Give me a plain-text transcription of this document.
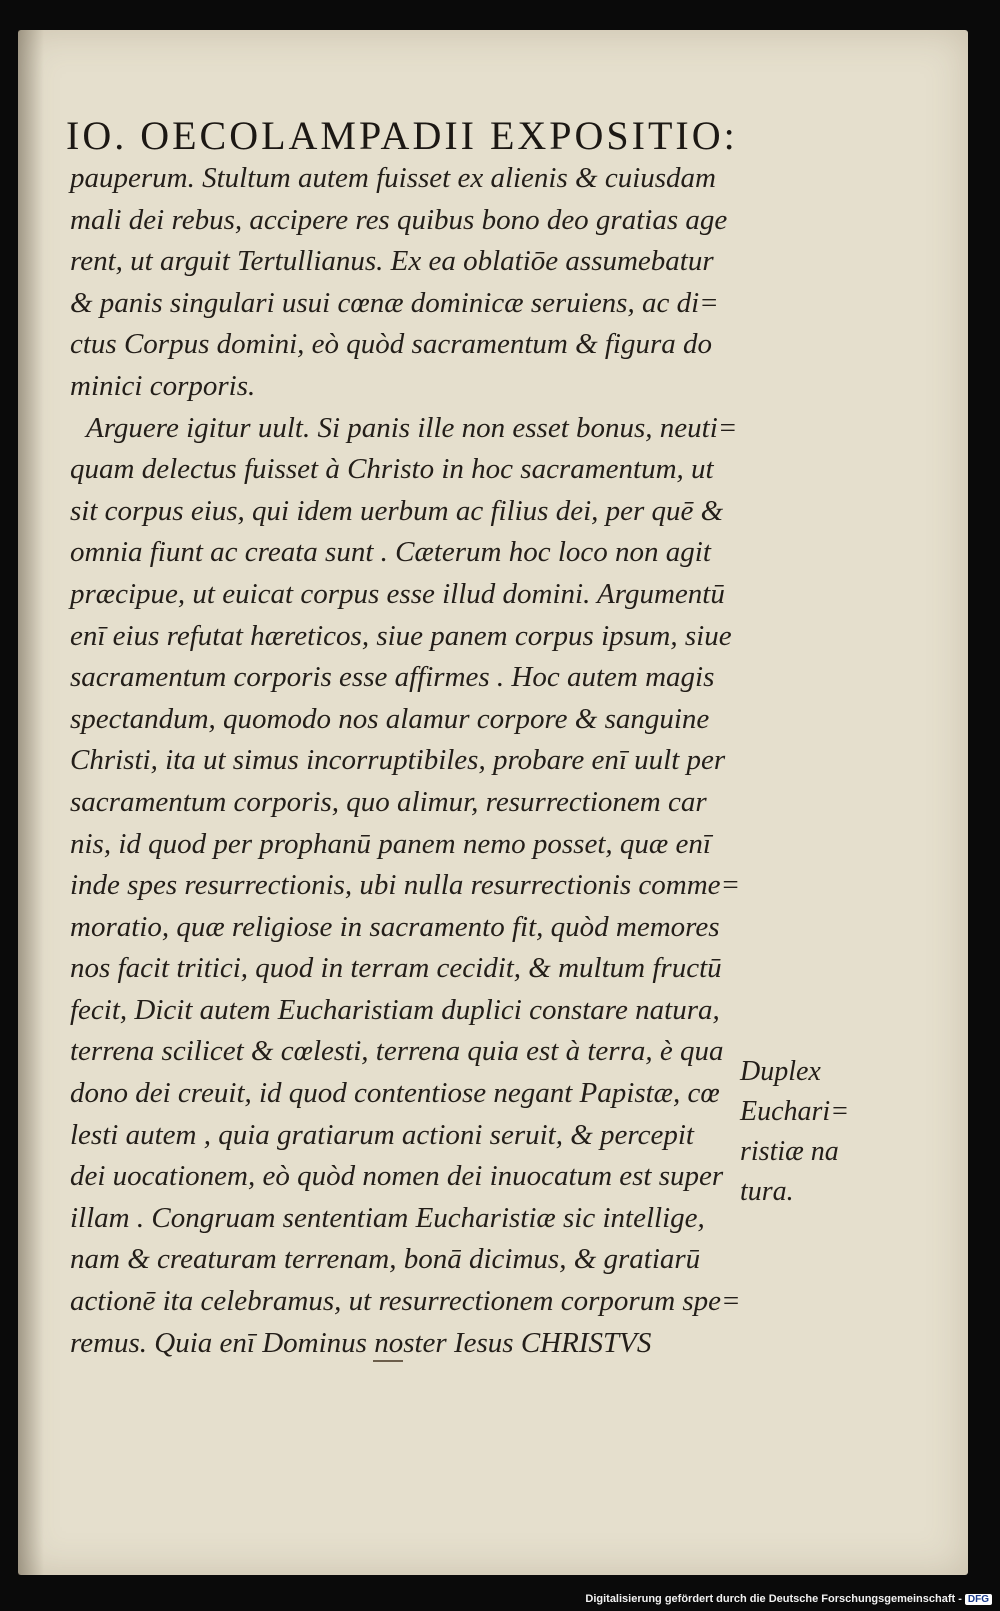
IO. OECOLAMPADII EXPOSITIO:
pauperum. Stultum autem fuisset ex alienis & cuiusdam
mali dei rebus, accipere res quibus bono deo gratias age
rent, ut arguit Tertullianus. Ex ea oblatiōe assumebatur
& panis singulari usui cœnæ dominicæ seruiens, ac di=
ctus Corpus domini, eò quòd sacramentum & figura do
minici corporis.
Arguere igitur uult. Si panis ille non esset bonus, neuti=
quam delectus fuisset à Christo in hoc sacramentum, ut
sit corpus eius, qui idem uerbum ac filius dei, per quē &
omnia fiunt ac creata sunt . Cæterum hoc loco non agit
præcipue, ut euicat corpus esse illud domini. Argumentū
enī eius refutat hæreticos, siue panem corpus ipsum, siue
sacramentum corporis esse affirmes . Hoc autem magis
spectandum, quomodo nos alamur corpore & sanguine
Christi, ita ut simus incorruptibiles, probare enī uult per
sacramentum corporis, quo alimur, resurrectionem car
nis, id quod per prophanū panem nemo posset, quæ enī
inde spes resurrectionis, ubi nulla resurrectionis comme=
moratio, quæ religiose in sacramento fit, quòd memores
nos facit tritici, quod in terram cecidit, & multum fructū
fecit, Dicit autem Eucharistiam duplici constare natura,
terrena scilicet & cœlesti, terrena quia est à terra, è qua
dono dei creuit, id quod contentiose negant Papistæ, cœ
lesti autem , quia gratiarum actioni seruit, & percepit
dei uocationem, eò quòd nomen dei inuocatum est super
illam . Congruam sententiam Eucharistiæ sic intellige,
nam & creaturam terrenam, bonā dicimus, & gratiarū
actionē ita celebramus, ut resurrectionem corporum spe=
remus. Quia enī Dominus noster Iesus CHRISTVS
Duplex
Euchari=
ristiæ na
tura.
Digitalisierung gefördert durch die Deutsche Forschungsgemeinschaft - DFG
